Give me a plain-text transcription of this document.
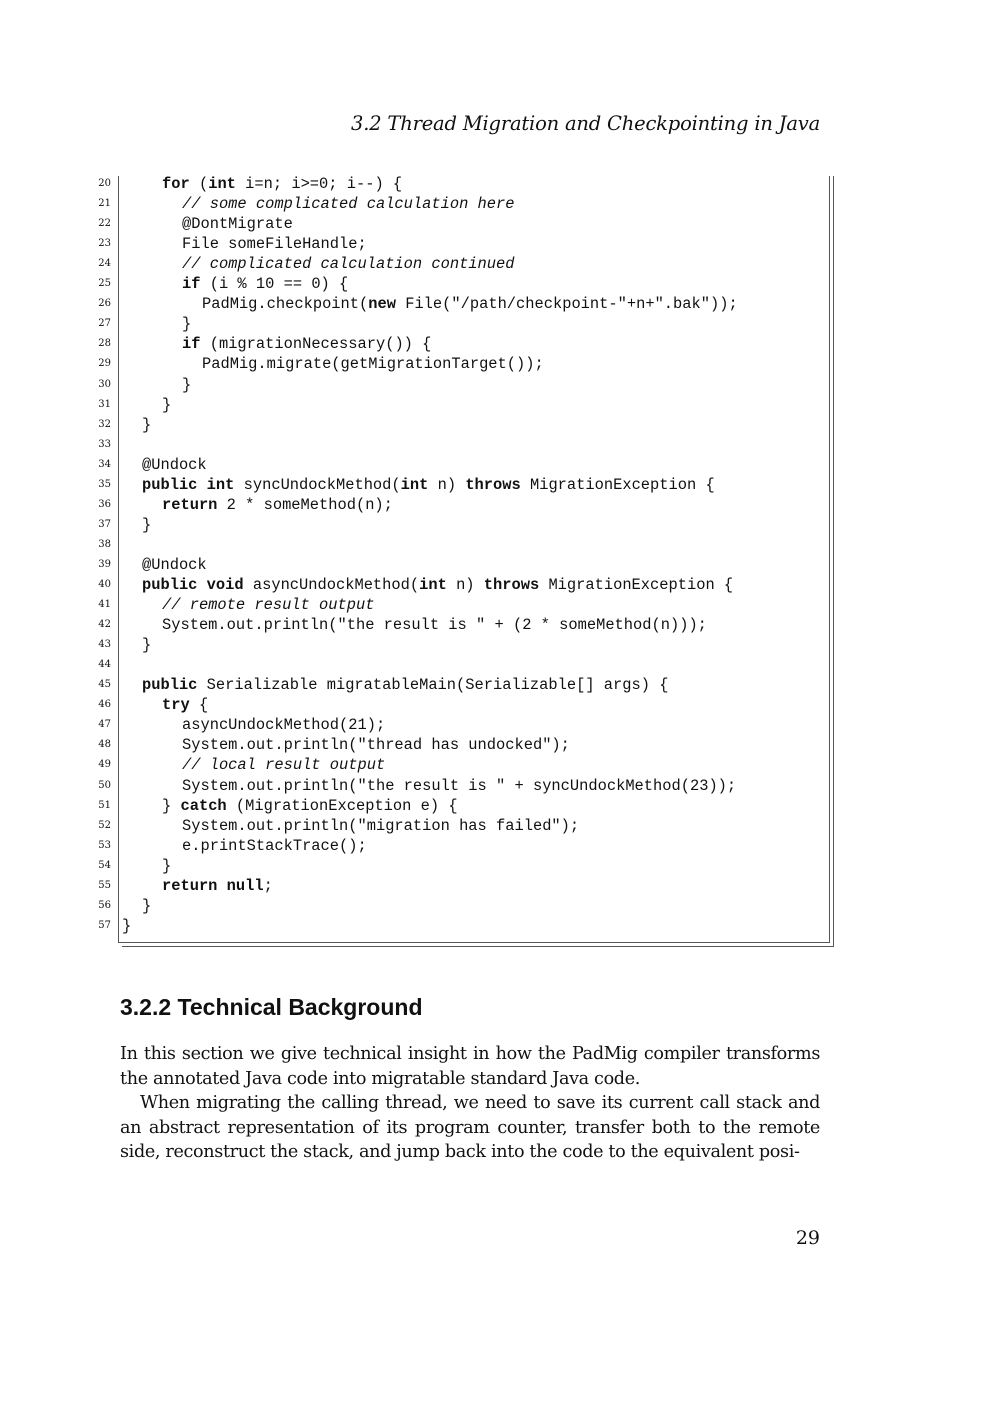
3.2 Thread Migration and Checkpointing in Java
20	for (int i=n; i>=0; i--) {
21	// some complicated calculation here
22	@DontMigrate
23	File someFileHandle;
24	// complicated calculation continued
25	if (i % 10 == 0) {
26	PadMig.checkpoint(new File("/path/checkpoint-"+n+".bak"));
27	}
28	if (migrationNecessary()) {
29	PadMig.migrate(getMigrationTarget());
30	}
31	}
32 }
33
34 @Undock
35 public int syncUndockMethod(int n) throws MigrationException {
36	return 2 * someMethod(n);
37 }
38
39 @Undock
40 public void asyncUndockMethod(int n) throws MigrationException {
41	// remote result output
42	System.out.println("the result is " + (2 * someMethod(n)));
43 }
44
45 public Serializable migratableMain(Serializable[] args) {
46	try {
47	asyncUndockMethod(21);
48	System.out.println("thread has undocked");
49	// local result output
50	System.out.println("the result is " + syncUndockMethod(23));
51	} catch (MigrationException e) {
52	System.out.println("migration has failed");
53	e.printStackTrace();
54	}
55	return null;
56 }
57 }
3.2.2 Technical Background
In this section we give technical insight in how the PadMig compiler transforms the annotated Java code into migratable standard Java code.
When migrating the calling thread, we need to save its current call stack and an abstract representation of its program counter, transfer both to the remote side, reconstruct the stack, and jump back into the code to the equivalent posi-
29
